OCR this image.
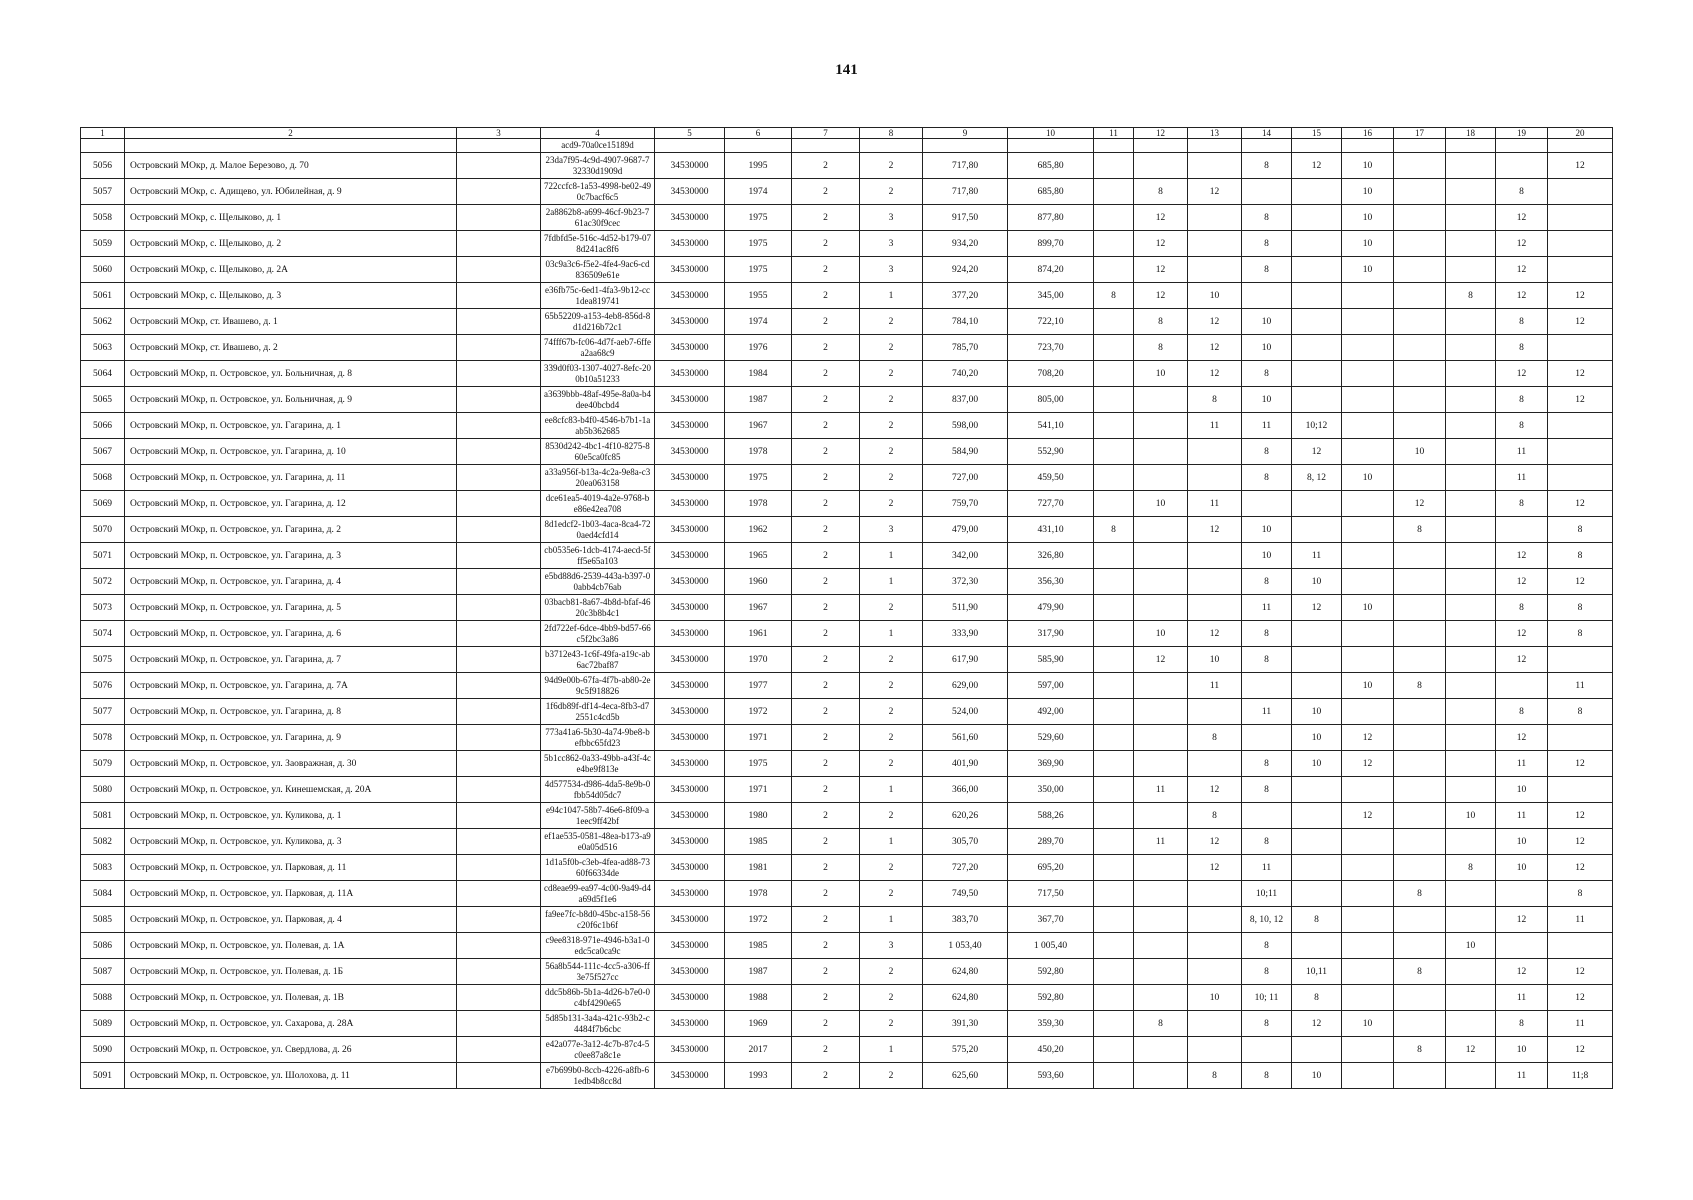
141
1	2	3	4	5	6	7	8	9	10	11	12	13	14	15	16	17	18	19	20
			acd9-70a0ce15189d																
5056	Островский МОкр, д. Малое Березово, д. 70		23da7f95-4c9d-4907-9687-732330d1909d	34530000	1995	2	2	717,80	685,80				8	12	10				12
5057	Островский МОкр, с. Адищево, ул. Юбилейная, д. 9		722ccfc8-1a53-4998-be02-490c7bacf6c5	34530000	1974	2	2	717,80	685,80		8	12			10			8	
5058	Островский МОкр, с. Щелыково, д. 1		2a8862b8-a699-46cf-9b23-761ac30f9cec	34530000	1975	2	3	917,50	877,80		12		8		10			12	
5059	Островский МОкр, с. Щелыково, д. 2		7fdbfd5e-516c-4d52-b179-078d241ac8f6	34530000	1975	2	3	934,20	899,70		12		8		10			12	
5060	Островский МОкр, с. Щелыково, д. 2А		03c9a3c6-f5e2-4fe4-9ac6-cd836509e61e	34530000	1975	2	3	924,20	874,20		12		8		10			12	
5061	Островский МОкр, с. Щелыково, д. 3		e36fb75c-6ed1-4fa3-9b12-cc1dea819741	34530000	1955	2	1	377,20	345,00	8	12	10					8	12	12
5062	Островский МОкр, ст. Ивашево, д. 1		65b52209-a153-4eb8-856d-8d1d216b72c1	34530000	1974	2	2	784,10	722,10		8	12	10					8	12
5063	Островский МОкр, ст. Ивашево, д. 2		74fff67b-fc06-4d7f-aeb7-6ffea2aa68c9	34530000	1976	2	2	785,70	723,70		8	12	10					8	
5064	Островский МОкр, п. Островское, ул. Больничная, д. 8		339d0f03-1307-4027-8efc-200b10a51233	34530000	1984	2	2	740,20	708,20		10	12	8					12	12
5065	Островский МОкр, п. Островское, ул. Больничная, д. 9		a3639bbb-48af-495e-8a0a-b4dee40bcbd4	34530000	1987	2	2	837,00	805,00			8	10					8	12
5066	Островский МОкр, п. Островское, ул. Гагарина, д. 1		ee8cfc83-b4f0-4546-b7b1-1aab5b362685	34530000	1967	2	2	598,00	541,10			11	11	10;12				8	
5067	Островский МОкр, п. Островское, ул. Гагарина, д. 10		8530d242-4bc1-4f10-8275-860e5ca0fc85	34530000	1978	2	2	584,90	552,90				8	12		10		11	
5068	Островский МОкр, п. Островское, ул. Гагарина, д. 11		a33a956f-b13a-4c2a-9e8a-c320ea063158	34530000	1975	2	2	727,00	459,50				8	8, 12	10			11	
5069	Островский МОкр, п. Островское, ул. Гагарина, д. 12		dce61ea5-4019-4a2e-9768-be86e42ea708	34530000	1978	2	2	759,70	727,70		10	11				12		8	12
5070	Островский МОкр, п. Островское, ул. Гагарина, д. 2		8d1edcf2-1b03-4aca-8ca4-720aed4cfd14	34530000	1962	2	3	479,00	431,10	8		12	10			8			8
5071	Островский МОкр, п. Островское, ул. Гагарина, д. 3		cb0535e6-1dcb-4174-aecd-5fff5e65a103	34530000	1965	2	1	342,00	326,80				10	11				12	8
5072	Островский МОкр, п. Островское, ул. Гагарина, д. 4		e5bd88d6-2539-443a-b397-00abb4cb76ab	34530000	1960	2	1	372,30	356,30				8	10				12	12
5073	Островский МОкр, п. Островское, ул. Гагарина, д. 5		03bacb81-8a67-4b8d-bfaf-4620c3b8b4c1	34530000	1967	2	2	511,90	479,90				11	12	10			8	8
5074	Островский МОкр, п. Островское, ул. Гагарина, д. 6		2fd722ef-6dce-4bb9-bd57-66c5f2bc3a86	34530000	1961	2	1	333,90	317,90		10	12	8					12	8
5075	Островский МОкр, п. Островское, ул. Гагарина, д. 7		b3712e43-1c6f-49fa-a19c-ab6ac72baf87	34530000	1970	2	2	617,90	585,90		12	10	8					12	
5076	Островский МОкр, п. Островское, ул. Гагарина, д. 7А		94d9e00b-67fa-4f7b-ab80-2e9c5f918826	34530000	1977	2	2	629,00	597,00			11			10	8			11
5077	Островский МОкр, п. Островское, ул. Гагарина, д. 8		1f6db89f-df14-4eca-8fb3-d72551c4cd5b	34530000	1972	2	2	524,00	492,00				11	10				8	8
5078	Островский МОкр, п. Островское, ул. Гагарина, д. 9		773a41a6-5b30-4a74-9be8-befbbc65fd23	34530000	1971	2	2	561,60	529,60			8		10	12			12	
5079	Островский МОкр, п. Островское, ул. Заовражная, д. 30		5b1cc862-0a33-49bb-a43f-4ce4be9f813e	34530000	1975	2	2	401,90	369,90				8	10	12			11	12
5080	Островский МОкр, п. Островское, ул. Кинешемская, д. 20А		4d577534-d986-4da5-8e9b-0fbb54d05dc7	34530000	1971	2	1	366,00	350,00		11	12	8					10	
5081	Островский МОкр, п. Островское, ул. Куликова, д. 1		e94c1047-58b7-46e6-8f09-a1eec9ff42bf	34530000	1980	2	2	620,26	588,26			8			12		10	11	12
5082	Островский МОкр, п. Островское, ул. Куликова, д. 3		ef1ae535-0581-48ea-b173-a9e0a05d516	34530000	1985	2	1	305,70	289,70		11	12	8					10	12
5083	Островский МОкр, п. Островское, ул. Парковая, д. 11		1d1a5f0b-c3eb-4fea-ad88-7360f66334de	34530000	1981	2	2	727,20	695,20			12	11				8	10	12
5084	Островский МОкр, п. Островское, ул. Парковая, д. 11А		cd8eae99-ea97-4c00-9a49-d4a69d5f1e6	34530000	1978	2	2	749,50	717,50				10;11			8			8
5085	Островский МОкр, п. Островское, ул. Парковая, д. 4		fa9ee7fc-b8d0-45bc-a158-56c20f6c1b6f	34530000	1972	2	1	383,70	367,70				8, 10, 12	8				12	11
5086	Островский МОкр, п. Островское, ул. Полевая, д. 1А		c9ee8318-971e-4946-b3a1-0edc5ca0ca9c	34530000	1985	2	3	1 053,40	1 005,40				8				10		
5087	Островский МОкр, п. Островское, ул. Полевая, д. 1Б		56a8b544-111c-4cc5-a306-ff3e75f527cc	34530000	1987	2	2	624,80	592,80				8	10,11		8		12	12
5088	Островский МОкр, п. Островское, ул. Полевая, д. 1В		ddc5b86b-5b1a-4d26-b7e0-0c4bf4290e65	34530000	1988	2	2	624,80	592,80			10	10; 11	8				11	12
5089	Островский МОкр, п. Островское, ул. Сахарова, д. 28А		5d85b131-3a4a-421c-93b2-c4484f7b6cbc	34530000	1969	2	2	391,30	359,30		8		8	12	10			8	11
5090	Островский МОкр, п. Островское, ул. Свердлова, д. 26		e42a077e-3a12-4c7b-87c4-5c0ee87a8c1e	34530000	2017	2	1	575,20	450,20							8	12	10	12
5091	Островский МОкр, п. Островское, ул. Шолохова, д. 11		e7b699b0-8ccb-4226-a8fb-61edb4b8cc8d	34530000	1993	2	2	625,60	593,60			8	8	10				11	11;8
